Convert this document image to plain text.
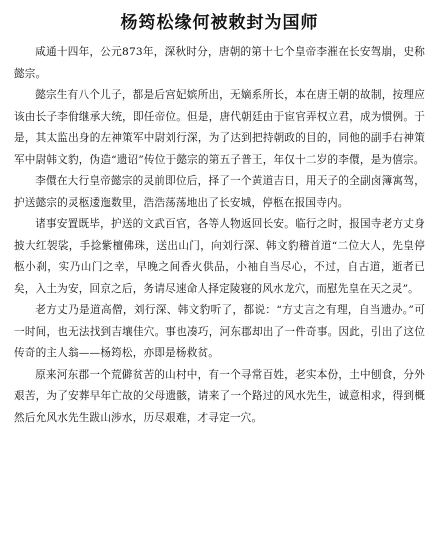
杨筠松缘何被敕封为国师

咸通十四年，公元873年，深秋时分，唐朝的第十七个皇帝李漼在长安驾崩，史称懿宗。

懿宗生有八个儿子，都是后宫妃嫔所出，无嫡系所长，本在唐王朝的故制，按理应该由长子李佾继承大统，即任帝位。但是，唐代朝廷由于宦官弄权立君，成为惯例。于是，其太监出身的左神策军中尉刘行深，为了达到把持朝政的目的，同他的副手右神策军中尉韩文豹，伪造“遗诏”传位于懿宗的第五子普王，年仅十二岁的李儇，是为僖宗。

李儇在大行皇帝懿宗的灵前即位后，择了一个黄道吉日，用天子的全副卤簿寓驾，护送懿宗的灵柩逶迤数里，浩浩荡荡地出了长安城，停柩在报国寺内。

诸事安置既毕，护送的文武百官，各等人物返回长安。临行之时，报国寺老方丈身披大红袈裟，手捻紫檀佛珠，送出山门，向刘行深、韩文豹稽首道“二位大人，先皇停柩小刹，实乃山门之幸，早晚之间香火供品，小袖自当尽心，不过，自古道，逝者已矣，入土为安，回京之后，务请尽速命人择定陵寝的风水龙穴，而慰先皇在天之灵”。

老方丈乃是道高僧，刘行深、韩文豹听了，都说：“方丈言之有理，自当遗办。”可一时间，也无法找到吉壤佳穴。事也凑巧，河东郡却出了一件奇事。因此，引出了这位传奇的主人翁——杨筠松，亦即是杨救贫。

原来河东郡一个荒僻贫苦的山村中，有一个寻常百姓，老实本份，土中刨食，分外艰苦，为了安葬早年亡故的父母遗骸，请来了一个路过的风水先生，诚意相求，得到概然后允风水先生跋山涉水，历尽艰难，才寻定一穴。
